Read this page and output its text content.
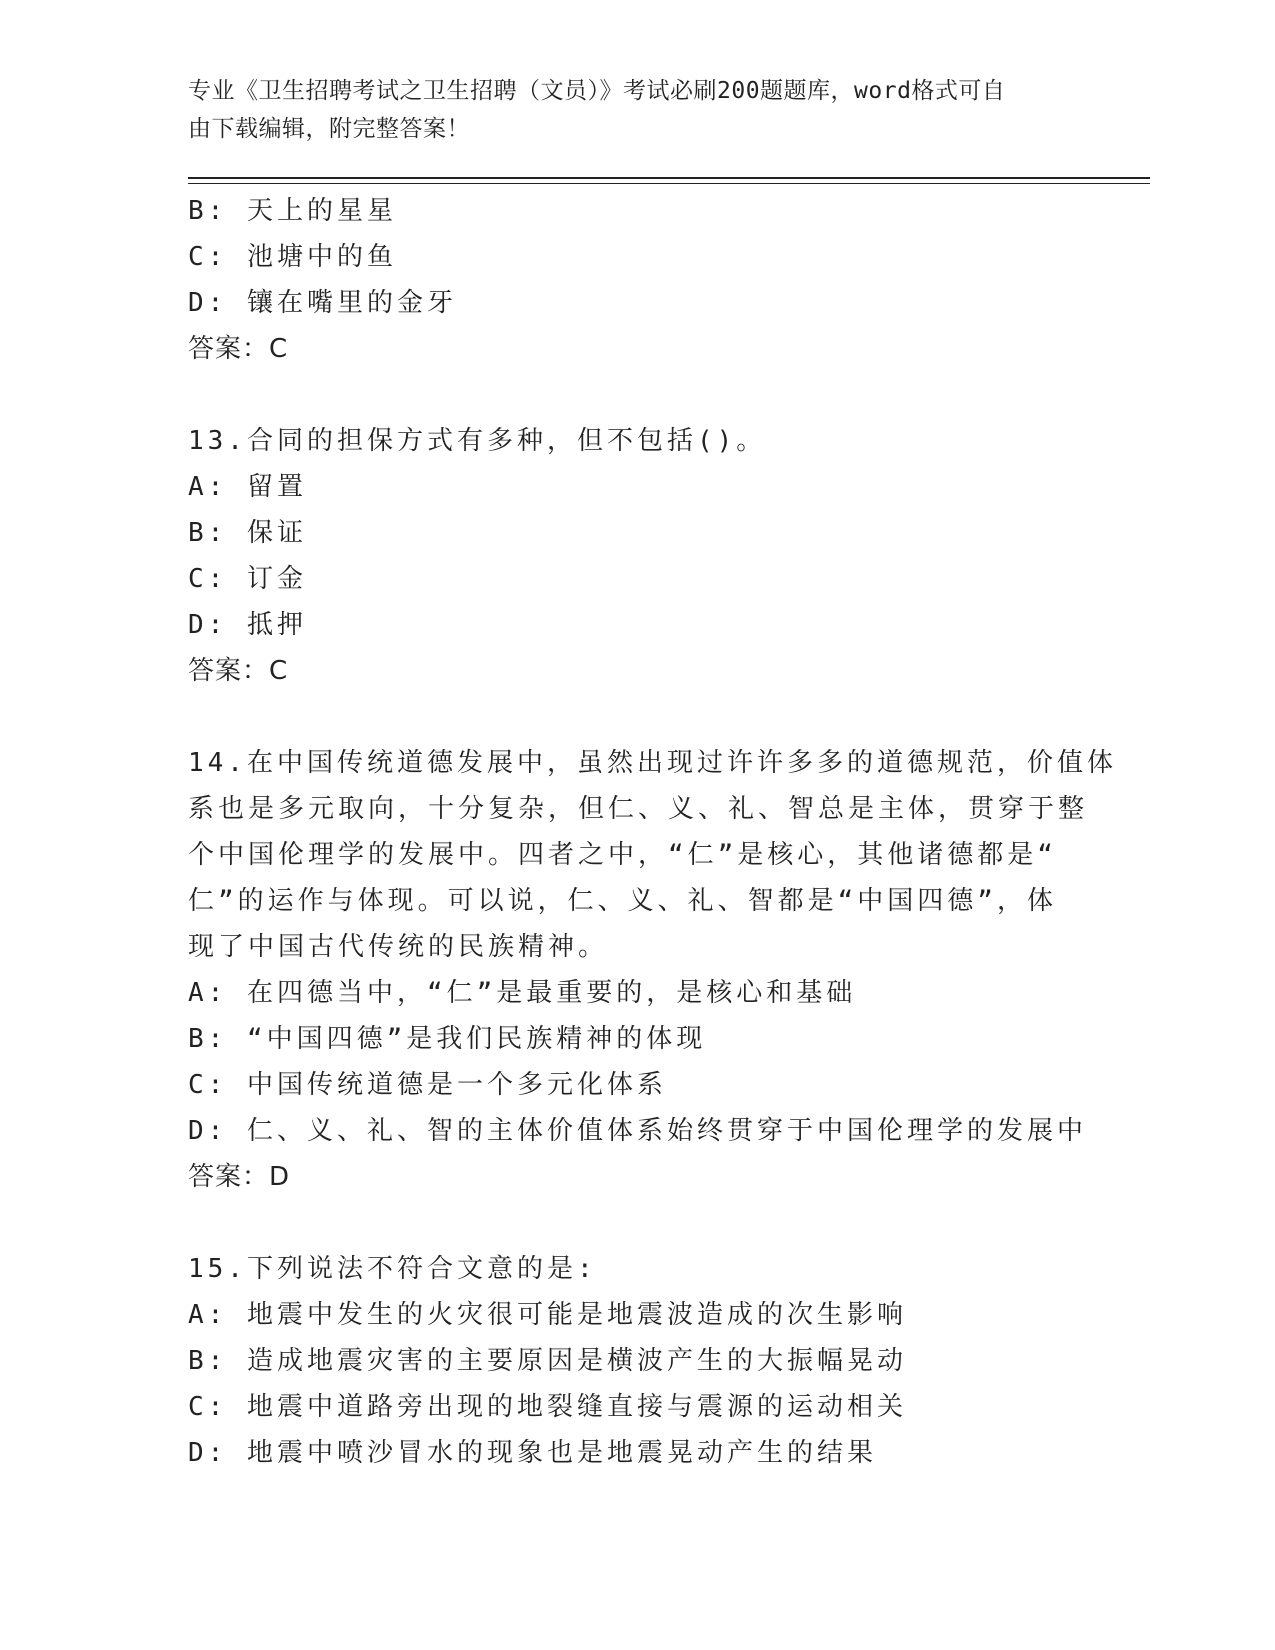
专业《卫生招聘考试之卫生招聘（文员）》考试必刷200题题库，word格式可自
由下载编辑，附完整答案！
B: 天上的星星
C: 池塘中的鱼
D: 镶在嘴里的金牙
答案：C
13.合同的担保方式有多种，但不包括()。
A: 留置
B: 保证
C: 订金
D: 抵押
答案：C
14.在中国传统道德发展中，虽然出现过许许多多的道德规范，价值体
系也是多元取向，十分复杂，但仁、义、礼、智总是主体，贯穿于整
个中国伦理学的发展中。四者之中，“仁”是核心，其他诸德都是“
仁”的运作与体现。可以说，仁、义、礼、智都是“中国四德”，体
现了中国古代传统的民族精神。
A: 在四德当中，“仁”是最重要的，是核心和基础
B: “中国四德”是我们民族精神的体现
C: 中国传统道德是一个多元化体系
D: 仁、义、礼、智的主体价值体系始终贯穿于中国伦理学的发展中
答案：D
15.下列说法不符合文意的是:
A: 地震中发生的火灾很可能是地震波造成的次生影响
B: 造成地震灾害的主要原因是横波产生的大振幅晃动
C: 地震中道路旁出现的地裂缝直接与震源的运动相关
D: 地震中喷沙冒水的现象也是地震晃动产生的结果
